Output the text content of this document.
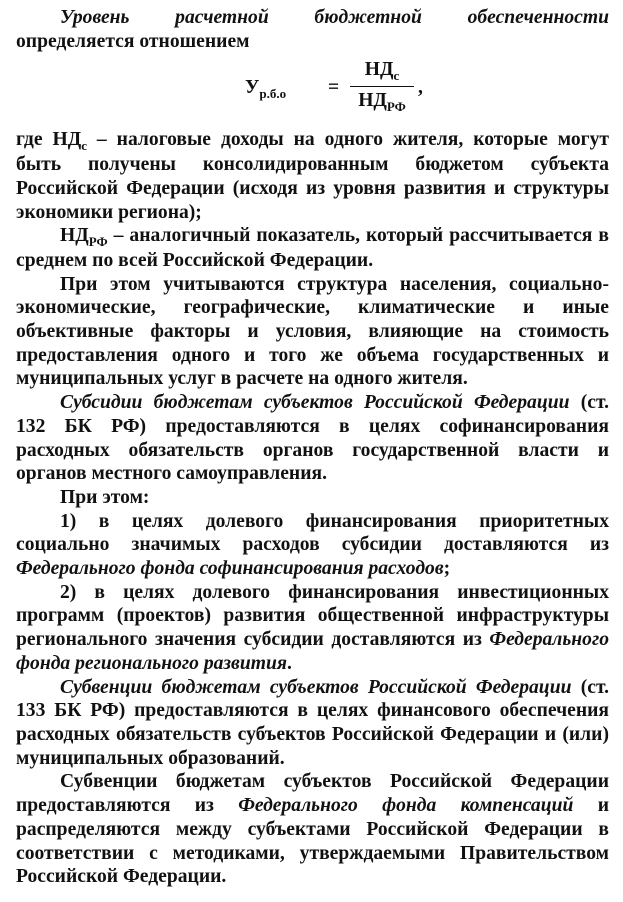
Уровень расчетной бюджетной обеспеченности определяется отношением

$У_{р.б.о}$ =
$НД_с$
$НД_{РФ}$
,

где $НД_с$ – налоговые доходы на одного жителя, которые могут быть получены консолидированным бюджетом субъекта Российской Федерации (исходя из уровня развития и структуры экономики региона);

$НД_{РФ}$ – аналогичный показатель, который рассчитывается в среднем по всей Российской Федерации.

При этом учитываются структура населения, социально-экономические, географические, климатические и иные объективные факторы и условия, влияющие на стоимость предоставления одного и того же объема государственных и муниципальных услуг в расчете на одного жителя.

Субсидии бюджетам субъектов Российской Федерации (ст. 132 БК РФ) предоставляются в целях софинансирования расходных обязательств органов государственной власти и органов местного самоуправления.

При этом:

1) в целях долевого финансирования приоритетных социально значимых расходов субсидии доставляются из Федерального фонда софинансирования расходов;

2) в целях долевого финансирования инвестиционных программ (проектов) развития общественной инфраструктуры регионального значения субсидии доставляются из Федерального фонда регионального развития.

Субвенции бюджетам субъектов Российской Федерации (ст. 133 БК РФ) предоставляются в целях финансового обеспечения расходных обязательств субъектов Российской Федерации и (или) муниципальных образований.

Субвенции бюджетам субъектов Российской Федерации предоставляются из Федерального фонда компенсаций и распределяются между субъектами Российской Федерации в соответствии с методиками, утверждаемыми Правительством Российской Федерации.
